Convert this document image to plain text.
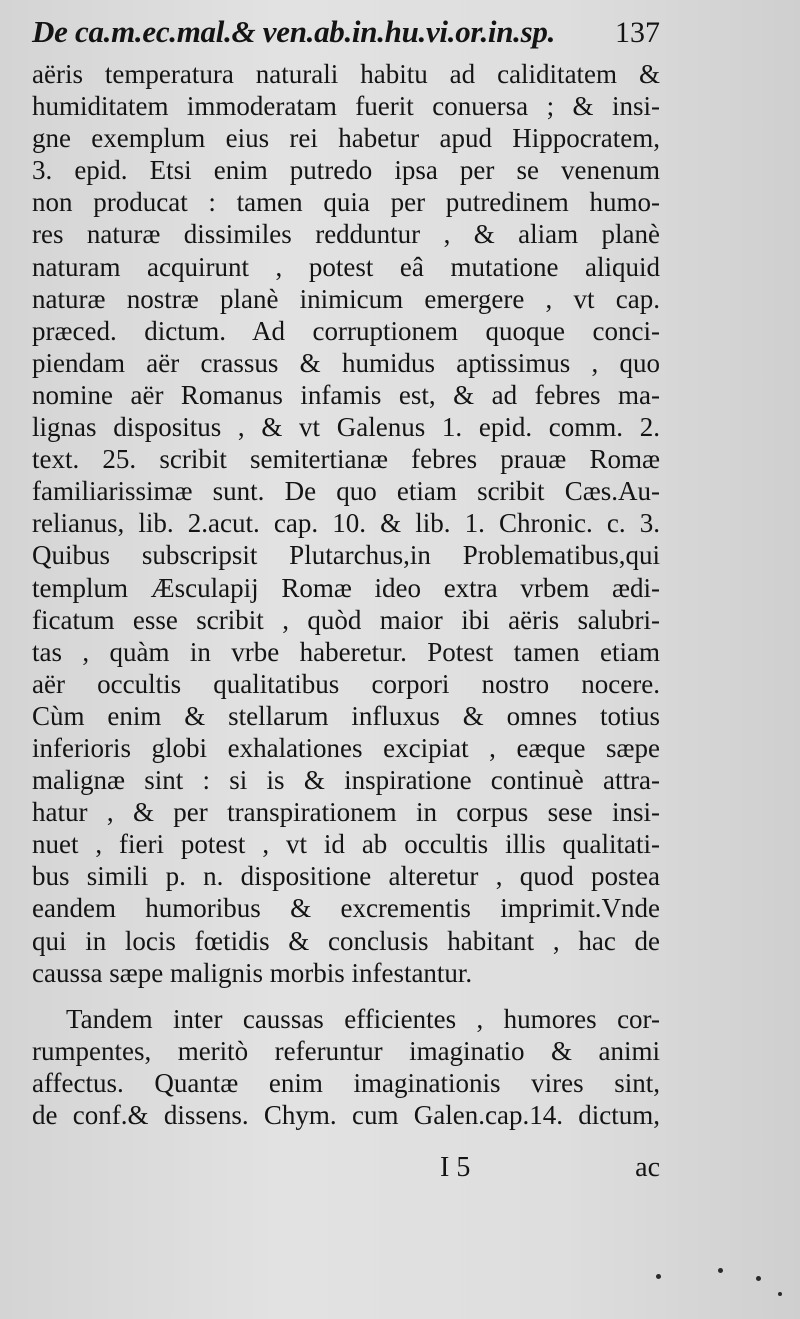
De ca.m.ec.mal.& ven.ab.in.hu.vi.or.in.sp. 137
aëris temperatura naturali habitu ad caliditatem &
humiditatem immoderatam fuerit conuersa ; & insi-
gne exemplum eius rei habetur apud Hippocratem,
3. epid. Etsi enim putredo ipsa per se venenum
non producat : tamen quia per putredinem humo-
res naturæ dissimiles redduntur , & aliam planè
naturam acquirunt , potest eâ mutatione aliquid
naturæ nostræ planè inimicum emergere , vt cap.
præced. dictum. Ad corruptionem quoque conci-
piendam aër crassus & humidus aptissimus , quo
nomine aër Romanus infamis est, & ad febres ma-
lignas dispositus , & vt Galenus 1. epid. comm. 2.
text. 25. scribit semitertianæ febres prauæ Romæ
familiarissimæ sunt. De quo etiam scribit Cæs.Au-
relianus, lib. 2.acut. cap. 10. & lib. 1. Chronic. c. 3.
Quibus subscripsit Plutarchus,in Problematibus,qui
templum Æsculapij Romæ ideo extra vrbem ædi-
ficatum esse scribit , quòd maior ibi aëris salubri-
tas , quàm in vrbe haberetur. Potest tamen etiam
aër occultis qualitatibus corpori nostro nocere.
Cùm enim & stellarum influxus & omnes totius
inferioris globi exhalationes excipiat , eæque sæpe
malignæ sint : si is & inspiratione continuè attra-
hatur , & per transpirationem in corpus sese insi-
nuet , fieri potest , vt id ab occultis illis qualitati-
bus simili p. n. dispositione alteretur , quod postea
eandem humoribus & excrementis imprimit.Vnde
qui in locis fœtidis & conclusis habitant , hac de
caussa sæpe malignis morbis infestantur.
Tandem inter caussas efficientes , humores cor-
rumpentes, meritò referuntur imaginatio & animi
affectus. Quantæ enim imaginationis vires sint,
de conf.& dissens. Chym. cum Galen.cap.14. dictum,
I 5	ac
